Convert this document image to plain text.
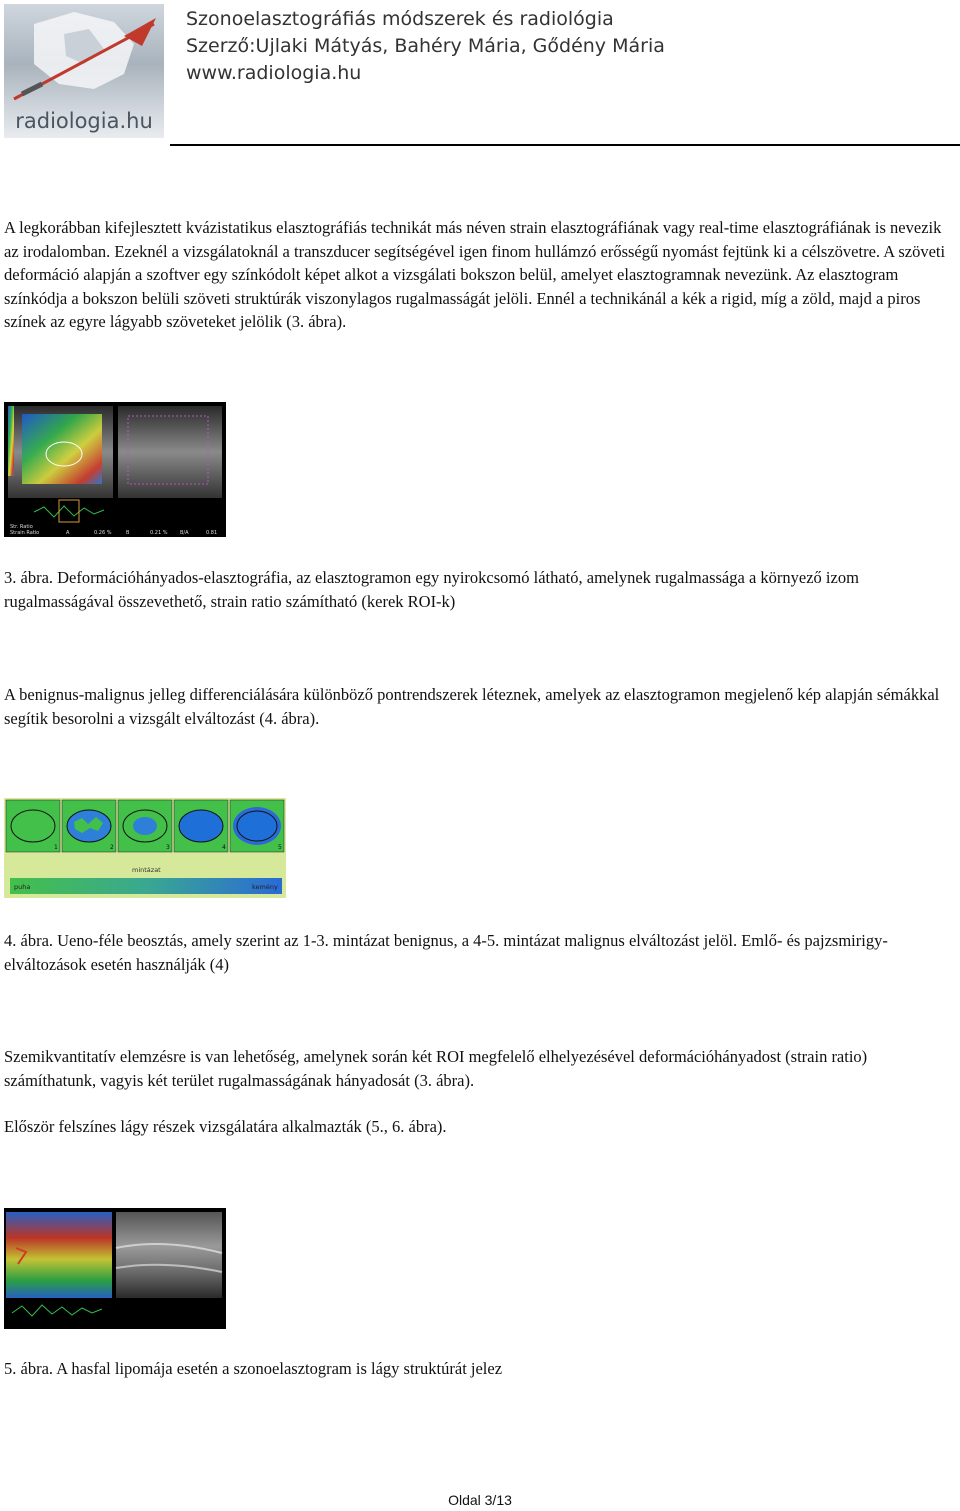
radiologia.hu
Szonoelasztográfiás módszerek és radiológia
Szerző:Ujlaki Mátyás, Bahéry Mária, Gődény Mária
www.radiologia.hu

A legkorábban kifejlesztett kvázistatikus elasztográfiás technikát más néven strain elasztográfiának vagy real-time elasztográfiának is nevezik az irodalomban. Ezeknél a vizsgálatoknál a transzducer segítségével igen finom hullámzó erősségű nyomást fejtünk ki a célszövetre. A szöveti deformáció alapján a szoftver egy színkódolt képet alkot a vizsgálati bokszon belül, amelyet elasztogramnak nevezünk. Az elasztogram színkódja a bokszon belüli szöveti struktúrák viszonylagos rugalmasságát jelöli. Ennél a technikánál a kék a rigid, míg a zöld, majd a piros színek az egyre lágyabb szöveteket jelölik (3. ábra).

Str. Ratio
Strain Ratio	A	0.26 %	B	0.21 %	B/A	0.81

3. ábra. Deformációhányados-elasztográfia, az elasztogramon egy nyirokcsomó látható, amelynek rugalmassága a környező izom rugalmasságával összevethető, strain ratio számítható (kerek ROI-k)

A benignus-malignus jelleg differenciálására különböző pontrendszerek léteznek, amelyek az elasztogramon megjelenő kép alapján sémákkal segítik besorolni a vizsgált elváltozást (4. ábra).

1	2	3	4	5
mintázat
puha	kemény

4. ábra. Ueno-féle beosztás, amely szerint az 1-3. mintázat benignus, a 4-5. mintázat malignus elváltozást jelöl. Emlő- és pajzsmirigy-elváltozások esetén használják (4)

Szemikvantitatív elemzésre is van lehetőség, amelynek során két ROI megfelelő elhelyezésével deformációhányadost (strain ratio) számíthatunk, vagyis két terület rugalmasságának hányadosát (3. ábra).

Először felszínes lágy részek vizsgálatára alkalmazták (5., 6. ábra).

5. ábra. A hasfal lipomája esetén a szonoelasztogram is lágy struktúrát jelez

Oldal 3/13
